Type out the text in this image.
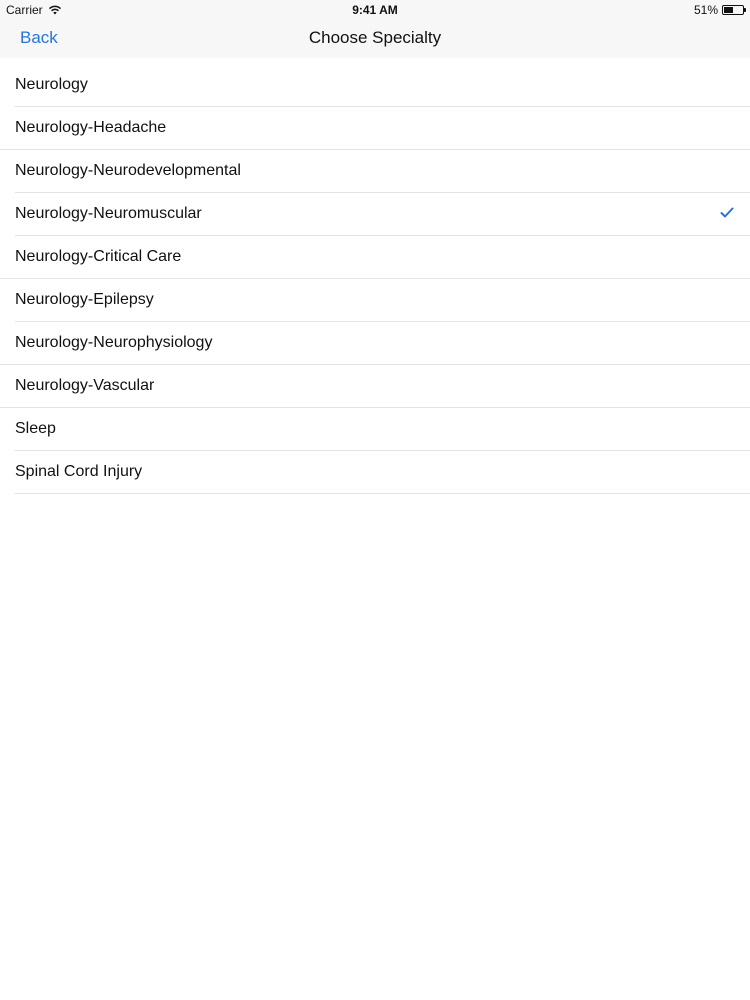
Carrier	9:41 AM	51%
Back	Choose Specialty
Neurology
Neurology-Headache
Neurology-Neurodevelopmental
Neurology-Neuromuscular
Neurology-Critical Care
Neurology-Epilepsy
Neurology-Neurophysiology
Neurology-Vascular
Sleep
Spinal Cord Injury
